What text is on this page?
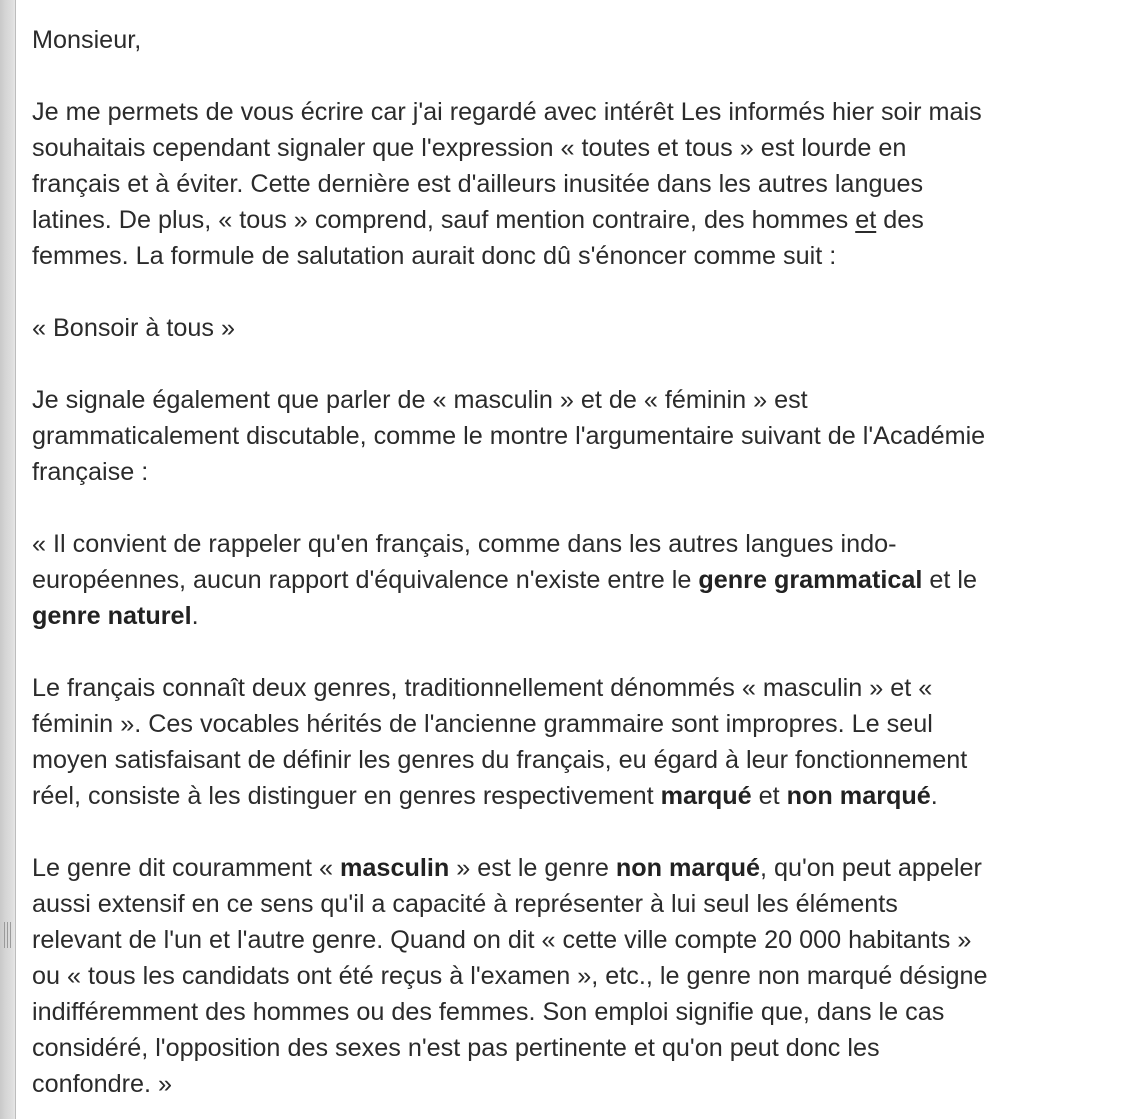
Monsieur,

Je me permets de vous écrire car j'ai regardé avec intérêt Les informés hier soir mais
souhaitais cependant signaler que l'expression « toutes et tous » est lourde en
français et à éviter. Cette dernière est d'ailleurs inusitée dans les autres langues
latines. De plus, « tous » comprend, sauf mention contraire, des hommes et des
femmes. La formule de salutation aurait donc dû s'énoncer comme suit :

« Bonsoir à tous »

Je signale également que parler de « masculin » et de « féminin » est
grammaticalement discutable, comme le montre l'argumentaire suivant de l'Académie
française :

« Il convient de rappeler qu'en français, comme dans les autres langues indo-
européennes, aucun rapport d'équivalence n'existe entre le genre grammatical et le
genre naturel.

Le français connaît deux genres, traditionnellement dénommés « masculin » et «
féminin ». Ces vocables hérités de l'ancienne grammaire sont impropres. Le seul
moyen satisfaisant de définir les genres du français, eu égard à leur fonctionnement
réel, consiste à les distinguer en genres respectivement marqué et non marqué.

Le genre dit couramment « masculin » est le genre non marqué, qu'on peut appeler
aussi extensif en ce sens qu'il a capacité à représenter à lui seul les éléments
relevant de l'un et l'autre genre. Quand on dit « cette ville compte 20 000 habitants »
ou « tous les candidats ont été reçus à l'examen », etc., le genre non marqué désigne
indifféremment des hommes ou des femmes. Son emploi signifie que, dans le cas
considéré, l'opposition des sexes n'est pas pertinente et qu'on peut donc les
confondre. »
